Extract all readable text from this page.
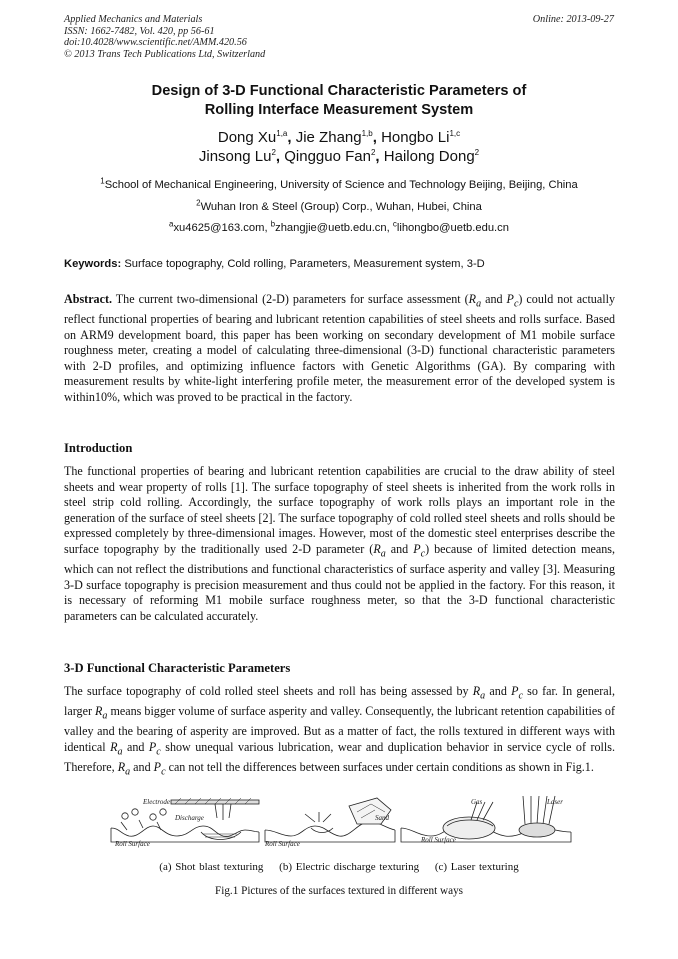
Applied Mechanics and Materials
ISSN: 1662-7482, Vol. 420, pp 56-61
doi:10.4028/www.scientific.net/AMM.420.56
© 2013 Trans Tech Publications Ltd, Switzerland
Online: 2013-09-27
Design of 3-D Functional Characteristic Parameters of
Rolling Interface Measurement System
Dong Xu$^{1,a}$, Jie Zhang$^{1,b}$, Hongbo Li$^{1,c}$
Jinsong Lu$^2$, Qingguo Fan$^2$, Hailong Dong$^2$
$^1$School of Mechanical Engineering, University of Science and Technology Beijing, Beijing, China
$^2$Wuhan Iron & Steel (Group) Corp., Wuhan, Hubei, China
$^a$xu4625@163.com, $^b$zhangjie@uetb.edu.cn, $^c$lihongbo@uetb.edu.cn
Keywords: Surface topography, Cold rolling, Parameters, Measurement system, 3-D
Abstract. The current two-dimensional (2-D) parameters for surface assessment ($R_a$ and $P_c$) could not actually reflect functional properties of bearing and lubricant retention capabilities of steel sheets and rolls surface. Based on ARM9 development board, this paper has been working on secondary development of M1 mobile surface roughness meter, creating a model of calculating three-dimensional (3-D) functional characteristic parameters with 2-D profiles, and optimizing influence factors with Genetic Algorithms (GA). By comparing with measurement results by white-light interfering profile meter, the measurement error of the developed system is within10%, which was proved to be practical in the factory.
Introduction
The functional properties of bearing and lubricant retention capabilities are crucial to the draw ability of steel sheets and wear property of rolls [1]. The surface topography of steel sheets is inherited from the work rolls in steel strip cold rolling. Accordingly, the surface topography of work rolls plays an important role in the generation of the surface of steel sheets [2]. The surface topography of cold rolled steel sheets and rolls should be expressed completely by three-dimensional images. However, most of the domestic steel enterprises describe the surface topography by the traditionally used 2-D parameter ($R_a$ and $P_c$) because of limited detection means, which can not reflect the distributions and functional characteristics of surface asperity and valley [3]. Measuring 3-D surface topography is precision measurement and thus could not be applied in the factory. For this reason, it is necessary of reforming M1 mobile surface roughness meter, so that the 3-D functional characteristic parameters can be calculated accurately.
3-D Functional Characteristic Parameters
The surface topography of cold rolled steel sheets and roll has being assessed by $R_a$ and $P_c$ so far. In general, larger $R_a$ means bigger volume of surface asperity and valley. Consequently, the lubricant retention capabilities of valley and the bearing of asperity are improved. But as a matter of fact, the rolls textured in different ways with identical $R_a$ and $P_c$ show unequal various lubrication, wear and duplication behavior in service cycle of rolls. Therefore, $R_a$ and $P_c$ can not tell the differences between surfaces under certain conditions as shown in Fig.1.
Electrode
Discharge
Roll Surface	Roll Surface
Sand
Roll Surface
Gas	Laser
(a) Shot blast texturing (b) Electric discharge texturing (c) Laser texturing
Fig.1 Pictures of the surfaces textured in different ways
